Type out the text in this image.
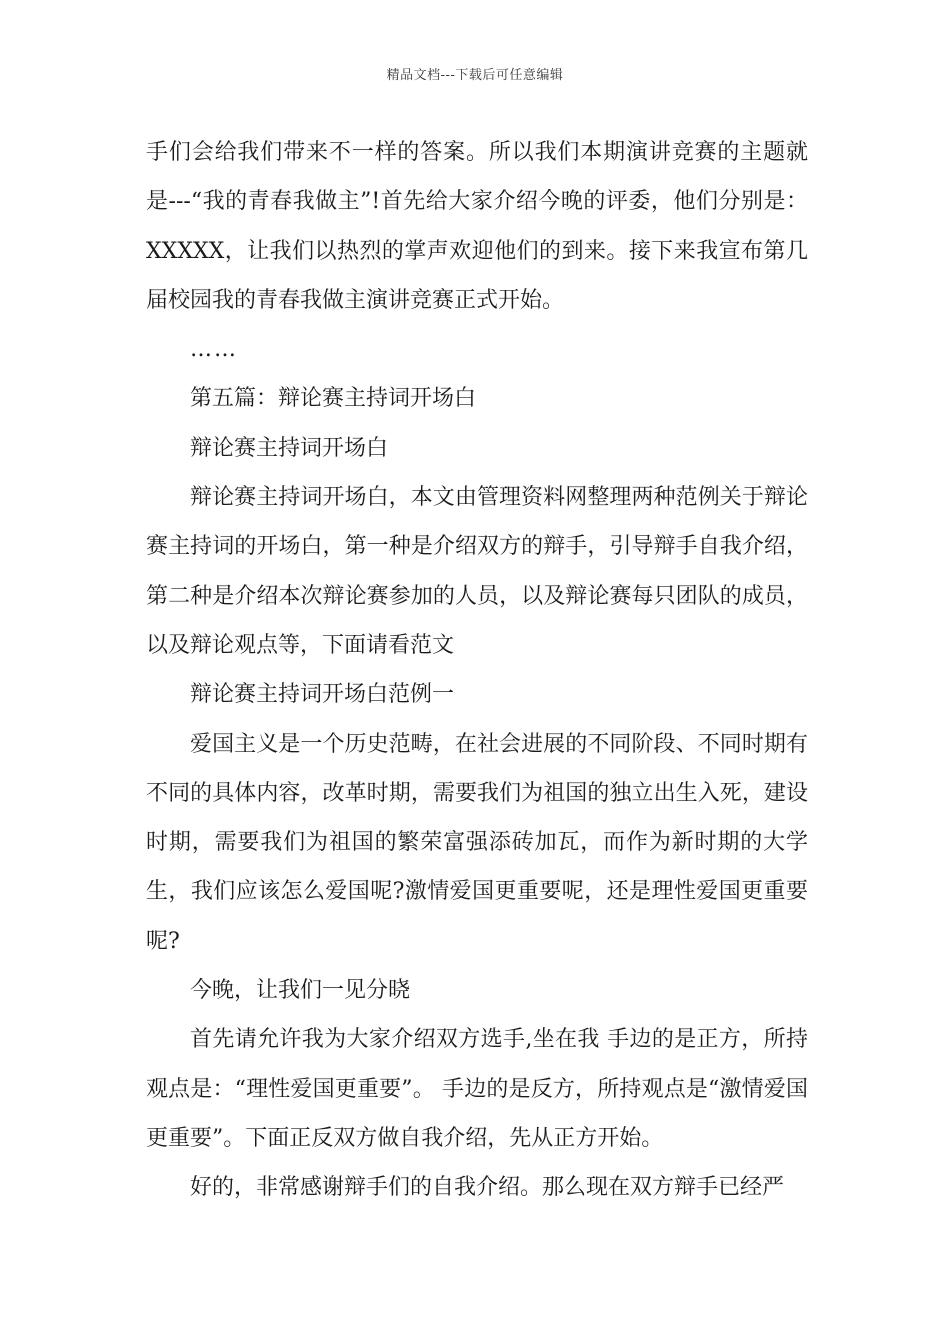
精品文档---下载后可任意编辑

手们会给我们带来不一样的答案。所以我们本期演讲竞赛的主题就是---“我的青春我做主”!首先给大家介绍今晚的评委，他们分别是：XXXXX，让我们以热烈的掌声欢迎他们的到来。接下来我宣布第几届校园我的青春我做主演讲竞赛正式开始。

……

第五篇：辩论赛主持词开场白

辩论赛主持词开场白

辩论赛主持词开场白，本文由管理资料网整理两种范例关于辩论赛主持词的开场白，第一种是介绍双方的辩手，引导辩手自我介绍，第二种是介绍本次辩论赛参加的人员，以及辩论赛每只团队的成员，以及辩论观点等，下面请看范文

辩论赛主持词开场白范例一

爱国主义是一个历史范畴，在社会进展的不同阶段、不同时期有不同的具体内容，改革时期，需要我们为祖国的独立出生入死，建设时期，需要我们为祖国的繁荣富强添砖加瓦，而作为新时期的大学生，我们应该怎么爱国呢?激情爱国更重要呢，还是理性爱国更重要呢?

今晚，让我们一见分晓

首先请允许我为大家介绍双方选手,坐在我 手边的是正方，所持观点是：“理性爱国更重要”。 手边的是反方，所持观点是“激情爱国更重要”。下面正反双方做自我介绍，先从正方开始。

好的，非常感谢辩手们的自我介绍。那么现在双方辩手已经严
